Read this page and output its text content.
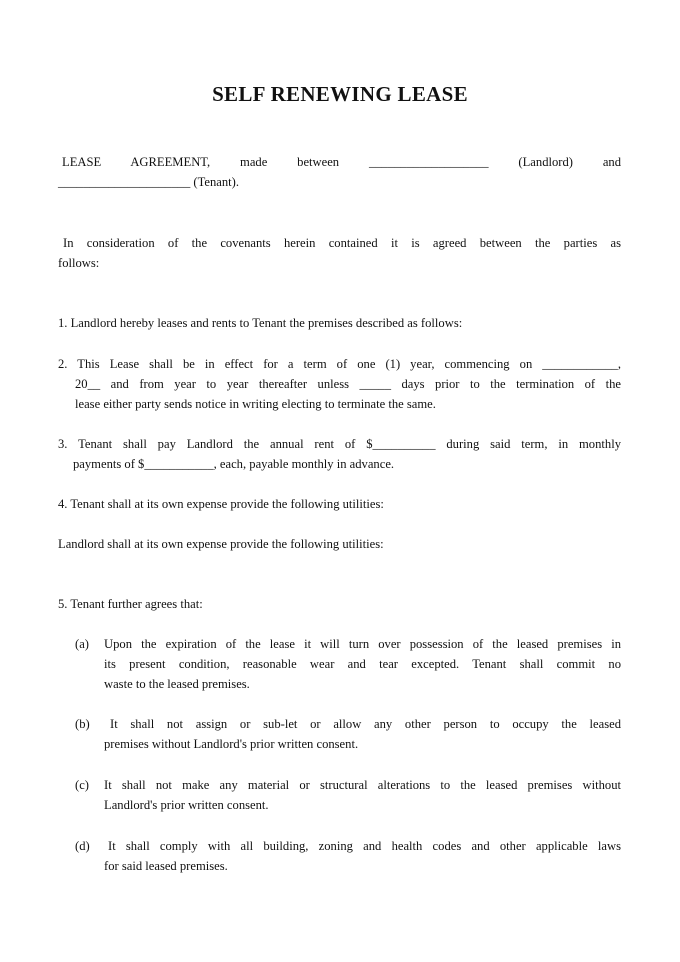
SELF RENEWING LEASE
LEASE AGREEMENT, made between ___________________ (Landlord) and
_____________________ (Tenant).
In consideration of the covenants herein contained it is agreed between the parties as
follows:
1. Landlord hereby leases and rents to Tenant the premises described as follows:
2. This Lease shall be in effect for a term of one (1) year, commencing on ____________,
20__ and from year to year thereafter unless _____ days prior to the termination of the
lease either party sends notice in writing electing to terminate the same.
3. Tenant shall pay Landlord the annual rent of $__________ during said term, in monthly
payments of $___________, each, payable monthly in advance.
4. Tenant shall at its own expense provide the following utilities:
Landlord shall at its own expense provide the following utilities:
5. Tenant further agrees that:
(a) Upon the expiration of the lease it will turn over possession of the leased premises in
its present condition, reasonable wear and tear excepted. Tenant shall commit no
waste to the leased premises.
(b)	It shall not assign or sub-let or allow any other person to occupy the leased
premises without Landlord's prior written consent.
(c) It shall not make any material or structural alterations to the leased premises without
Landlord's prior written consent.
(d)	It shall comply with all building, zoning and health codes and other applicable laws
for said leased premises.
